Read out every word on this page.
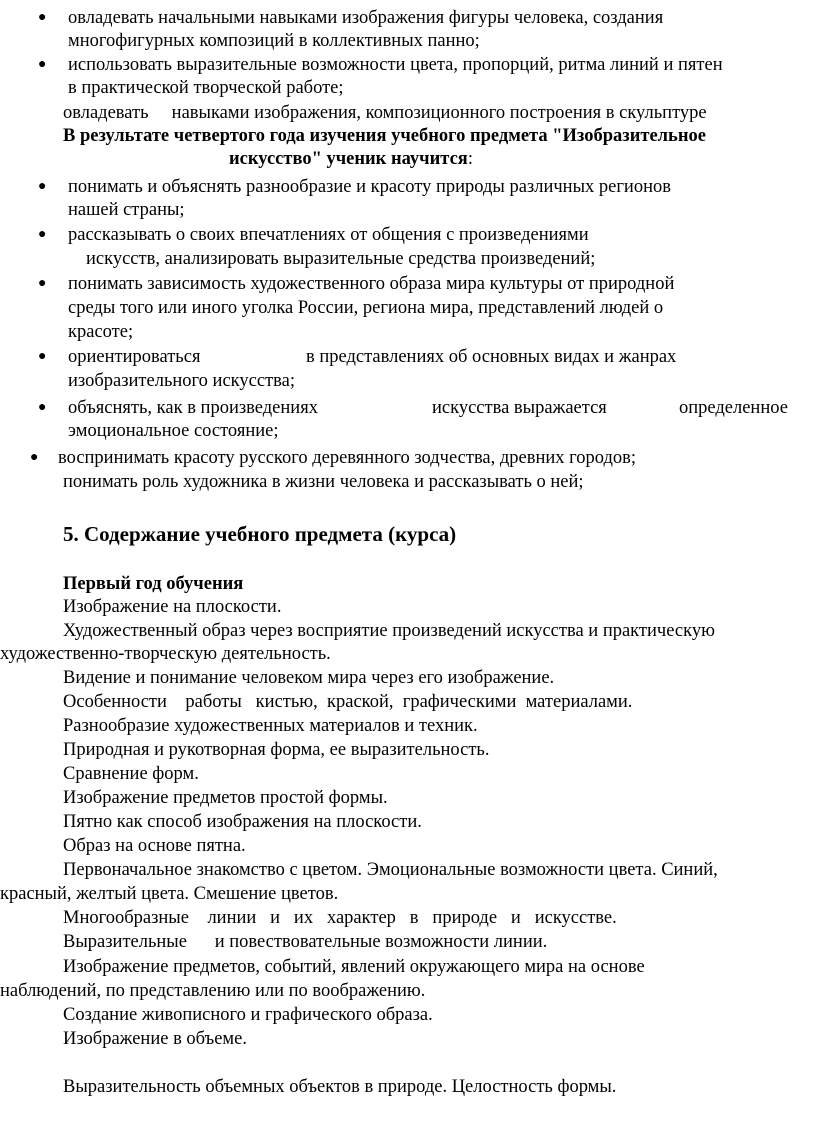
● овладевать начальными навыками изображения фигуры человека, создания
многофигурных композиций в коллективных панно;
● использовать выразительные возможности цвета, пропорций, ритма линий и пятен
в практической творческой работе;
овладевать     навыками изображения, композиционного построения в скульптуре
В результате четвертого года изучения учебного предмета "Изобразительное
искусство" ученик научится:
● понимать и объяснять разнообразие и красоту природы различных регионов
нашей страны;
● рассказывать о своих впечатлениях от общения с произведениями
искусств, анализировать выразительные средства произведений;
● понимать зависимость художественного образа мира культуры от природной
среды того или иного уголка России, региона мира, представлений людей о
красоте;
● ориентироваться	в представлениях об основных видах и жанрах
изобразительного искусства;
● объяснять, как в произведениях	искусства выражается	определенное
эмоциональное состояние;
● воспринимать красоту русского деревянного зодчества, древних городов;
понимать роль художника в жизни человека и рассказывать о ней;
5. Содержание учебного предмета (курса)
Первый год обучения
Изображение на плоскости.
Художественный образ через восприятие произведений искусства и практическую
художественно-творческую деятельность.
Видение и понимание человеком мира через его изображение.
Особенности    работы   кистью,  краской,  графическими  материалами.
Разнообразие художественных материалов и техник.
Природная и рукотворная форма, ее выразительность.
Сравнение форм.
Изображение предметов простой формы.
Пятно как способ изображения на плоскости.
Образ на основе пятна.
Первоначальное знакомство с цветом. Эмоциональные возможности цвета. Синий,
красный, желтый цвета. Смешение цветов.
Многообразные    линии   и   их   характер   в   природе   и   искусстве.
Выразительные      и повествовательные возможности линии.
Изображение предметов, событий, явлений окружающего мира на основе
наблюдений, по представлению или по воображению.
Создание живописного и графического образа.
Изображение в объеме.
Выразительность объемных объектов в природе. Целостность формы.
